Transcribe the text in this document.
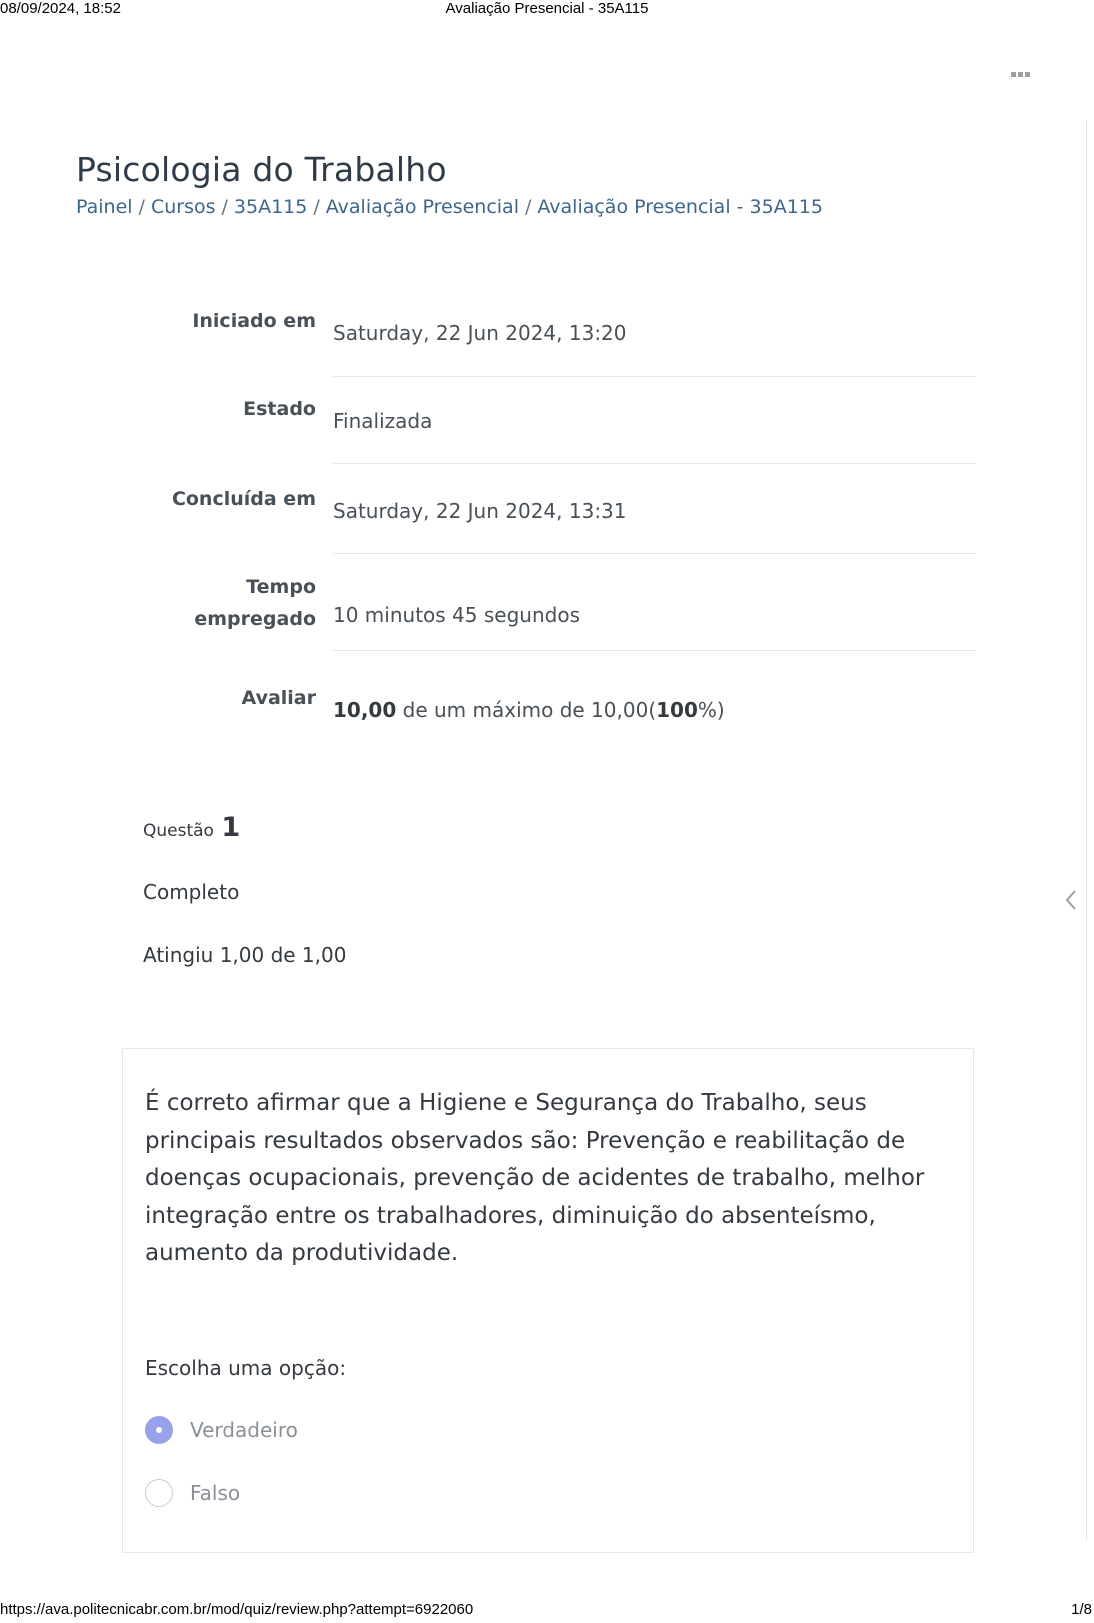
08/09/2024, 18:52	Avaliação Presencial - 35A115
Psicologia do Trabalho
Painel / Cursos / 35A115 / Avaliação Presencial / Avaliação Presencial - 35A115
Iniciado em Saturday, 22 Jun 2024, 13:20
Estado Finalizada
Concluída em Saturday, 22 Jun 2024, 13:31
Tempo
empregado 10 minutos 45 segundos
Avaliar 10,00 de um máximo de 10,00(100%)
Questão 1
Completo
Atingiu 1,00 de 1,00
É correto afirmar que a Higiene e Segurança do Trabalho, seus principais resultados observados são: Prevenção e reabilitação de doenças ocupacionais, prevenção de acidentes de trabalho, melhor integração entre os trabalhadores, diminuição do absenteísmo, aumento da produtividade.
Escolha uma opção:
Verdadeiro
Falso
https://ava.politecnicabr.com.br/mod/quiz/review.php?attempt=6922060	1/8
